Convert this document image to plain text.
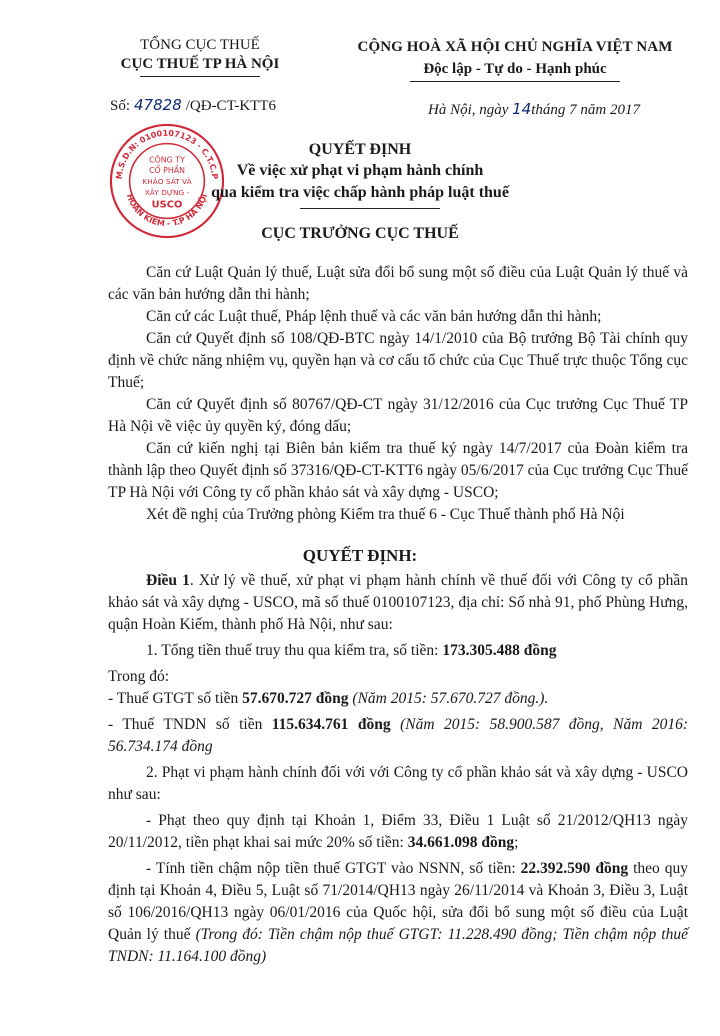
TỔNG CỤC THUẾ
CỤC THUẾ TP HÀ NỘI
CỘNG HOÀ XÃ HỘI CHỦ NGHĨA VIỆT NAM
Độc lập - Tự do - Hạnh phúc
Số: 47828 /QĐ-CT-KTT6	Hà Nội, ngày 14tháng 7 năm 2017
M.S.D.N: 0100107123 - C.T.C.P
HOÀN KIẾM - T.P HÀ NỘI
CÔNG TY
CỔ PHẦN
KHẢO SÁT VÀ
XÂY DỰNG -
USCO
QUYẾT ĐỊNH
Về việc xử phạt vi phạm hành chính
qua kiểm tra việc chấp hành pháp luật thuế
CỤC TRƯỞNG CỤC THUẾ

Căn cứ Luật Quản lý thuế, Luật sửa đổi bổ sung một số điều của Luật Quản lý thuế và các văn bản hướng dẫn thi hành;

Căn cứ các Luật thuế, Pháp lệnh thuế và các văn bản hướng dẫn thi hành;

Căn cứ Quyết định số 108/QĐ-BTC ngày 14/1/2010 của Bộ trưởng Bộ Tài chính quy định về chức năng nhiệm vụ, quyền hạn và cơ cấu tổ chức của Cục Thuế trực thuộc Tổng cục Thuế;

Căn cứ Quyết định số 80767/QĐ-CT ngày 31/12/2016 của Cục trưởng Cục Thuế TP Hà Nội về việc ủy quyền ký, đóng dấu;

Căn cứ kiến nghị tại Biên bản kiểm tra thuế ký ngày 14/7/2017 của Đoàn kiểm tra thành lập theo Quyết định số 37316/QĐ-CT-KTT6 ngày 05/6/2017 của Cục trưởng Cục Thuế TP Hà Nội với Công ty cổ phần khảo sát và xây dựng - USCO;

Xét đề nghị của Trưởng phòng Kiểm tra thuế 6 - Cục Thuế thành phố Hà Nội

QUYẾT ĐỊNH:

Điều 1. Xử lý về thuế, xử phạt vi phạm hành chính về thuế đối với Công ty cổ phần khảo sát và xây dựng - USCO, mã số thuế 0100107123, địa chỉ: Số nhà 91, phố Phùng Hưng, quận Hoàn Kiếm, thành phố Hà Nội, như sau:

1. Tổng tiền thuế truy thu qua kiểm tra, số tiền: 173.305.488 đồng

Trong đó:

- Thuế GTGT số tiền 57.670.727 đồng (Năm 2015: 57.670.727 đồng.).

- Thuế TNDN số tiền 115.634.761 đồng (Năm 2015: 58.900.587 đồng, Năm 2016: 56.734.174 đồng

2. Phạt vi phạm hành chính đối với với Công ty cổ phần khảo sát và xây dựng - USCO như sau:

- Phạt theo quy định tại Khoản 1, Điểm 33, Điều 1 Luật số 21/2012/QH13 ngày 20/11/2012, tiền phạt khai sai mức 20% số tiền: 34.661.098 đồng;

- Tính tiền chậm nộp tiền thuế GTGT vào NSNN, số tiền: 22.392.590 đồng theo quy định tại Khoản 4, Điều 5, Luật số 71/2014/QH13 ngày 26/11/2014 và Khoản 3, Điều 3, Luật số 106/2016/QH13 ngày 06/01/2016 của Quốc hội, sửa đổi bổ sung một số điều của Luật Quản lý thuế (Trong đó: Tiền chậm nộp thuế GTGT: 11.228.490 đồng; Tiền chậm nộp thuế TNDN: 11.164.100 đồng)
